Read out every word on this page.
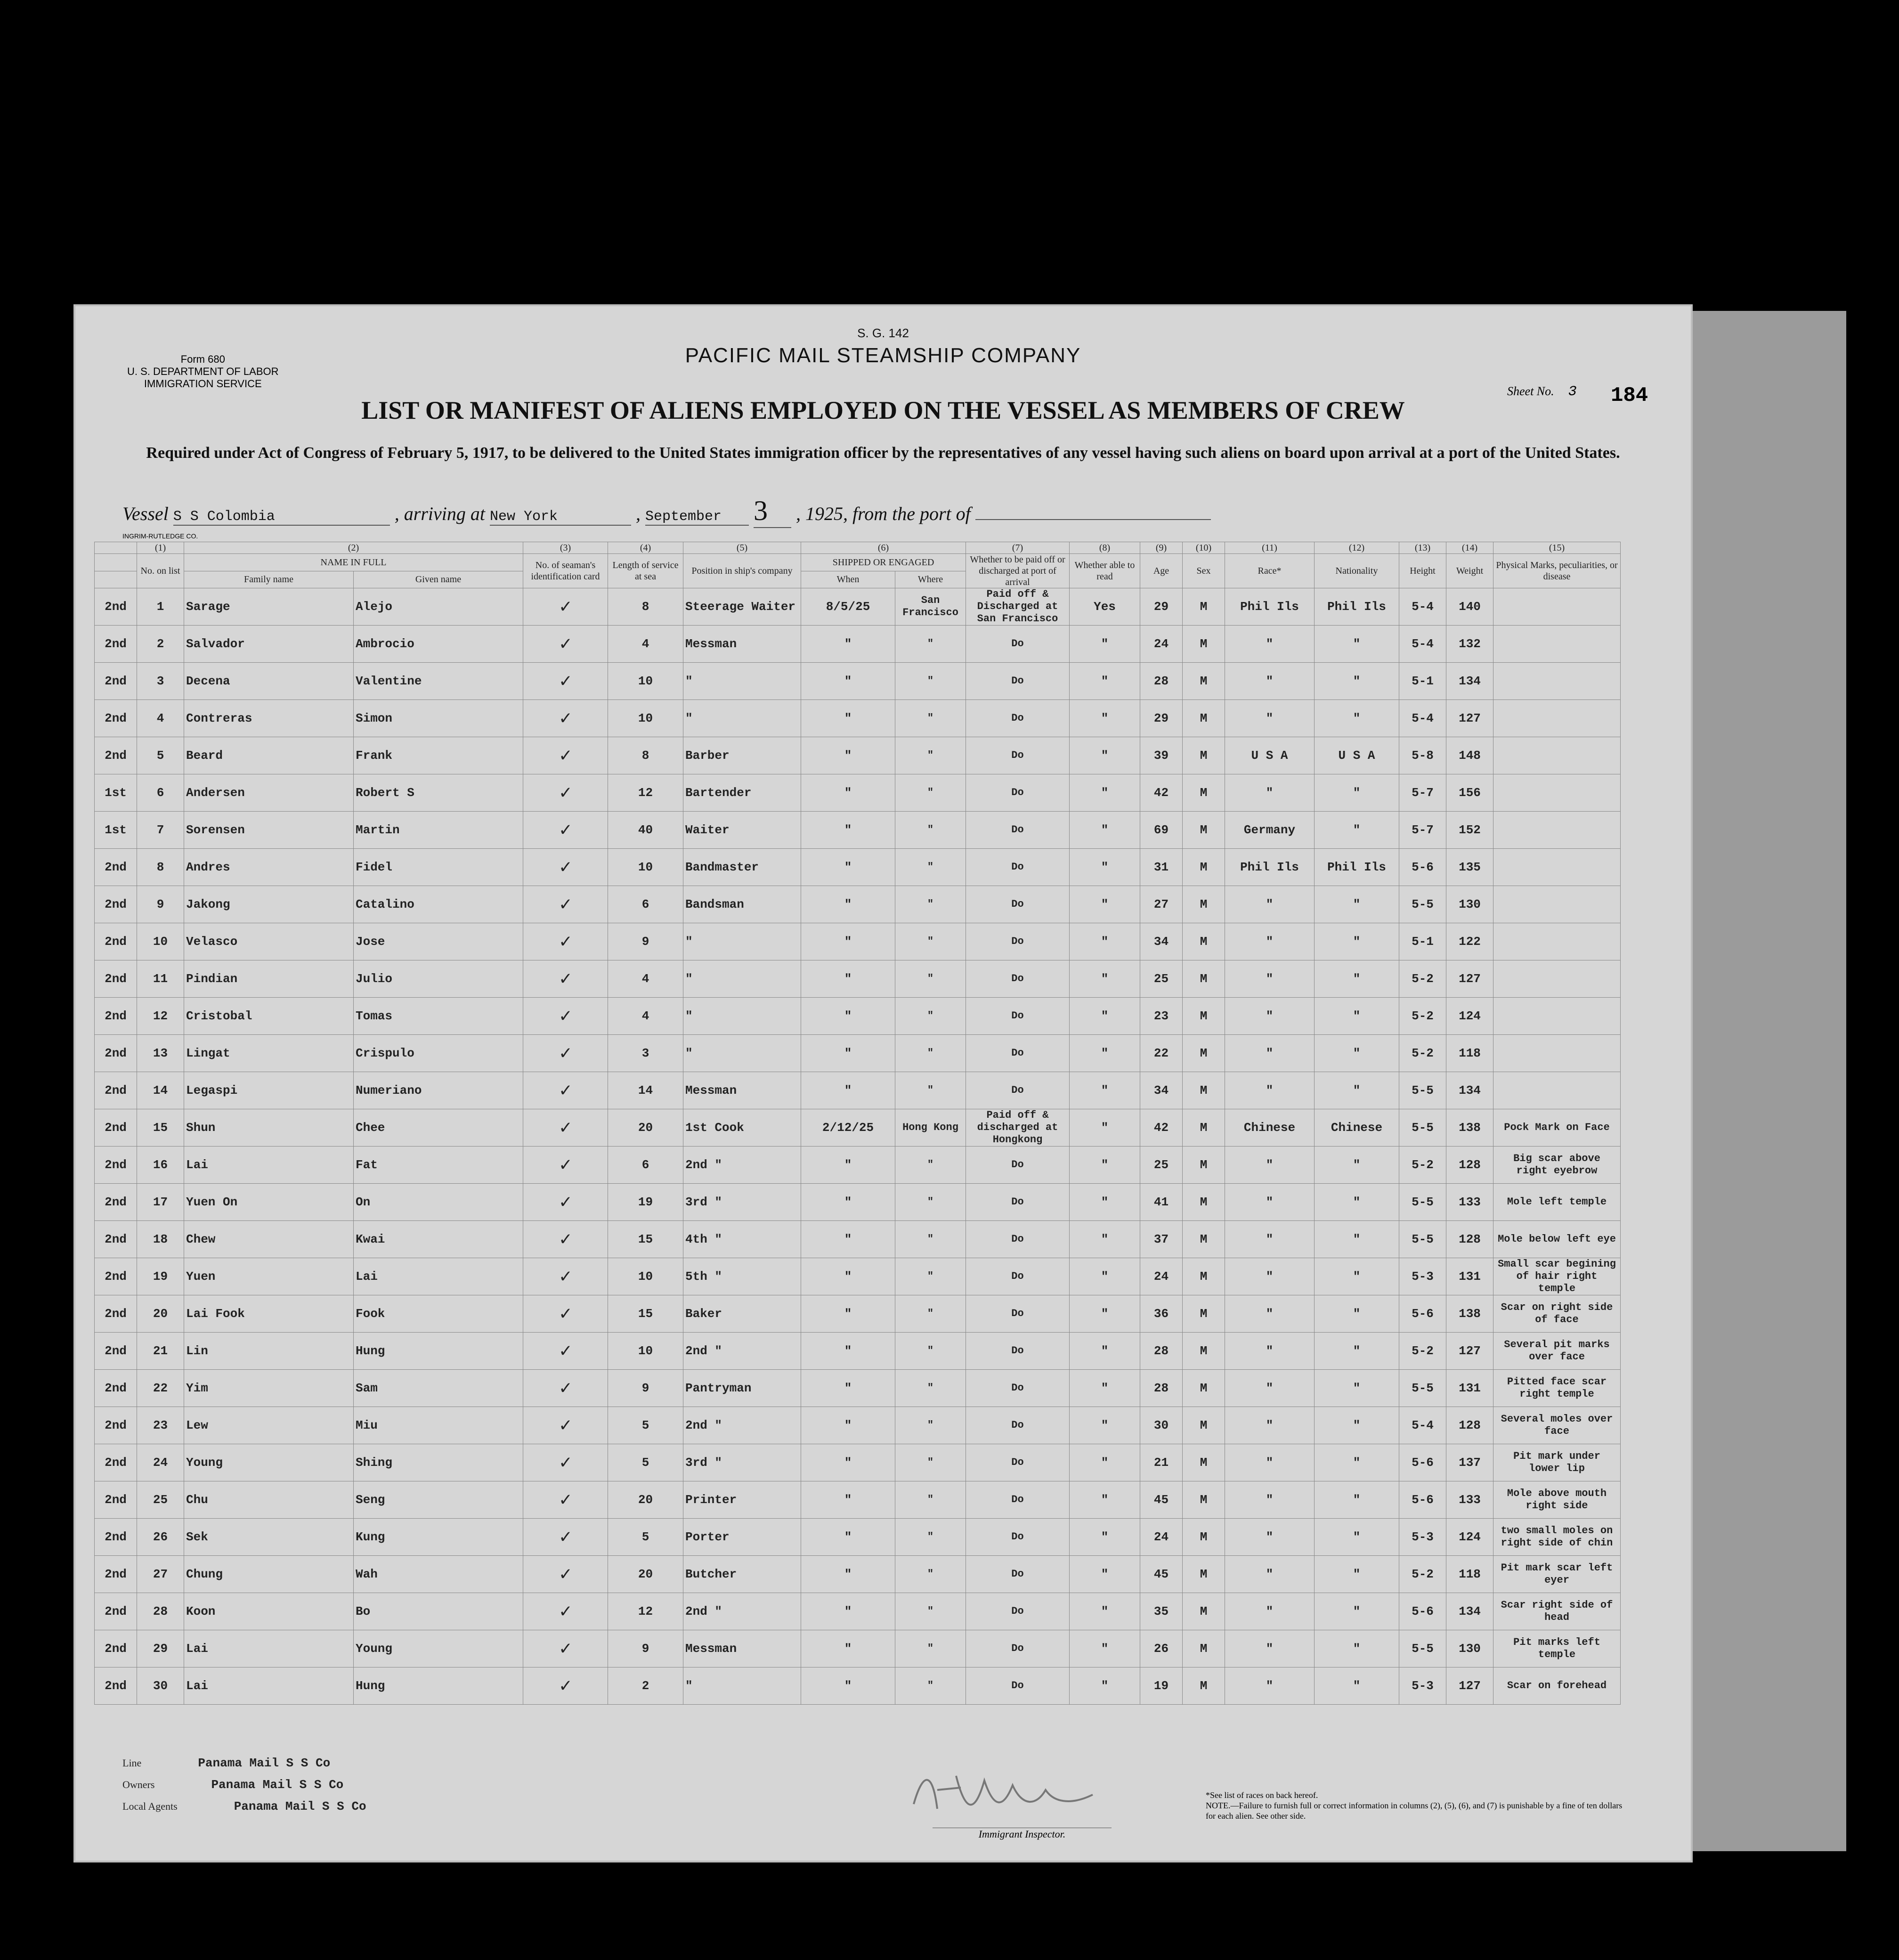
Form 680
U. S. DEPARTMENT OF LABOR
IMMIGRATION SERVICE
S. G. 142
PACIFIC MAIL STEAMSHIP COMPANY
LIST OR MANIFEST OF ALIENS EMPLOYED ON THE VESSEL AS MEMBERS OF CREW
Sheet No. 3 184
Required under Act of Congress of February 5, 1917, to be delivered to the United States immigration officer by the representatives of any vessel having such aliens on board upon arrival at a port of the United States.
Vessel S S Colombia	, arriving at New York	, September 3 , 1925, from the port of
INGRIM-RUTLEDGE CO.
	(1)	(2)		(3)	(4)	(5)	(6)		(7)	(8)	(9)	(10)	(11)	(12)	(13)	(14)	(15)
	No. on list	NAME IN FULL		No. of seaman's identification card	Length of service at sea	Position in ship's company	SHIPPED OR ENGAGED		Whether to be paid off or discharged at port of arrival	Whether able to read	Age	Sex	Race*	Nationality	Height	Weight	Physical Marks, peculiarities, or disease
		Family name	Given name				When	Where									
2nd	1	Sarage	Alejo	✓	8	Steerage Waiter	8/5/25	San Francisco	Paid off & Discharged at San Francisco	Yes	29	M	Phil Ils	Phil Ils	5-4	140	
2nd	2	Salvador	Ambrocio	✓	4	Messman	"	"	Do	"	24	M	"	"	5-4	132	
2nd	3	Decena	Valentine	✓	10	"	"	"	Do	"	28	M	"	"	5-1	134	
2nd	4	Contreras	Simon	✓	10	"	"	"	Do	"	29	M	"	"	5-4	127	
2nd	5	Beard	Frank	✓	8	Barber	"	"	Do	"	39	M	U S A	U S A	5-8	148	
1st	6	Andersen	Robert S	✓	12	Bartender	"	"	Do	"	42	M	"	"	5-7	156	
1st	7	Sorensen	Martin	✓	40	Waiter	"	"	Do	"	69	M	Germany	"	5-7	152	
2nd	8	Andres	Fidel	✓	10	Bandmaster	"	"	Do	"	31	M	Phil Ils	Phil Ils	5-6	135	
2nd	9	Jakong	Catalino	✓	6	Bandsman	"	"	Do	"	27	M	"	"	5-5	130	
2nd	10	Velasco	Jose	✓	9	"	"	"	Do	"	34	M	"	"	5-1	122	
2nd	11	Pindian	Julio	✓	4	"	"	"	Do	"	25	M	"	"	5-2	127	
2nd	12	Cristobal	Tomas	✓	4	"	"	"	Do	"	23	M	"	"	5-2	124	
2nd	13	Lingat	Crispulo	✓	3	"	"	"	Do	"	22	M	"	"	5-2	118	
2nd	14	Legaspi	Numeriano	✓	14	Messman	"	"	Do	"	34	M	"	"	5-5	134	
2nd	15	Shun	Chee	✓	20	1st Cook	2/12/25	Hong Kong	Paid off & discharged at Hongkong	"	42	M	Chinese	Chinese	5-5	138	Pock Mark on Face
2nd	16	Lai	Fat	✓	6	2nd "	"	"	Do	"	25	M	"	"	5-2	128	Big scar above right eyebrow
2nd	17	Yuen On	On	✓	19	3rd "	"	"	Do	"	41	M	"	"	5-5	133	Mole left temple
2nd	18	Chew	Kwai	✓	15	4th "	"	"	Do	"	37	M	"	"	5-5	128	Mole below left eye
2nd	19	Yuen	Lai	✓	10	5th "	"	"	Do	"	24	M	"	"	5-3	131	Small scar begining of hair right temple
2nd	20	Lai Fook	Fook	✓	15	Baker	"	"	Do	"	36	M	"	"	5-6	138	Scar on right side of face
2nd	21	Lin	Hung	✓	10	2nd "	"	"	Do	"	28	M	"	"	5-2	127	Several pit marks over face
2nd	22	Yim	Sam	✓	9	Pantryman	"	"	Do	"	28	M	"	"	5-5	131	Pitted face scar right temple
2nd	23	Lew	Miu	✓	5	2nd "	"	"	Do	"	30	M	"	"	5-4	128	Several moles over face
2nd	24	Young	Shing	✓	5	3rd "	"	"	Do	"	21	M	"	"	5-6	137	Pit mark under lower lip
2nd	25	Chu	Seng	✓	20	Printer	"	"	Do	"	45	M	"	"	5-6	133	Mole above mouth right side
2nd	26	Sek	Kung	✓	5	Porter	"	"	Do	"	24	M	"	"	5-3	124	two small moles on right side of chin
2nd	27	Chung	Wah	✓	20	Butcher	"	"	Do	"	45	M	"	"	5-2	118	Pit mark scar left eyer
2nd	28	Koon	Bo	✓	12	2nd "	"	"	Do	"	35	M	"	"	5-6	134	Scar right side of head
2nd	29	Lai	Young	✓	9	Messman	"	"	Do	"	26	M	"	"	5-5	130	Pit marks left temple
2nd	30	Lai	Hung	✓	2	"	"	"	Do	"	19	M	"	"	5-3	127	Scar on forehead
Line	Panama Mail S S Co
Owners	Panama Mail S S Co
Local Agents	Panama Mail S S Co
Immigrant Inspector.
*See list of races on back hereof.
NOTE.—Failure to furnish full or correct information in columns (2), (5), (6), and (7) is punishable by a fine of ten dollars for each alien. See other side.
